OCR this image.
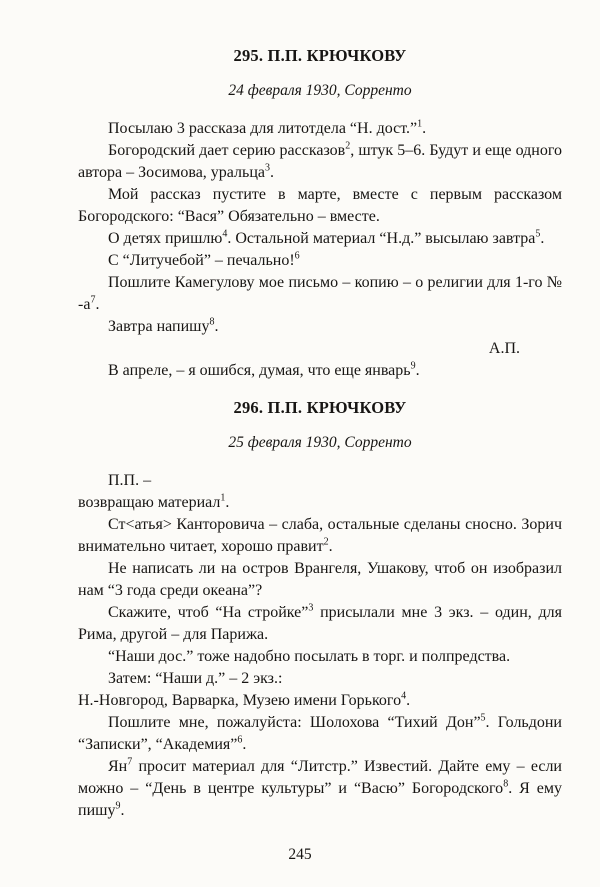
295. П.П. КРЮЧКОВУ
24 февраля 1930, Сорренто

Посылаю 3 рассказа для литотдела “Н. дост.”$^1$.

Богородский дает серию рассказов$^2$, штук 5–6. Будут и еще одного автора – Зосимова, уральца$^3$.

Мой рассказ пустите в марте, вместе с первым рассказом Богородского: “Вася” Обязательно – вместе.

О детях пришлю$^4$. Остальной материал “Н.д.” высылаю завтра$^5$.

С “Литучебой” – печально!$^6$

Пошлите Камегулову мое письмо – копию – о религии для 1-го № $-а^7$.

Завтра напишу$^8$.

А.П.

В апреле, – я ошибся, думая, что еще январь$^9$.

296. П.П. КРЮЧКОВУ
25 февраля 1930, Сорренто

П.П. –

возвращаю материал$^1$.

Ст<атья> Канторовича – слаба, остальные сделаны сносно. Зорич внимательно читает, хорошо правит$^2$.

Не написать ли на остров Врангеля, Ушакову, чтоб он изобразил нам “3 года среди океана”?

Скажите, чтоб “На стройке”$^3$ присылали мне 3 экз. – один, для Рима, другой – для Парижа.

“Наши дос.” тоже надобно посылать в торг. и полпредства.

Затем: “Наши д.” – 2 экз.:

Н.-Новгород, Варварка, Музею имени Горького$^4$.

Пошлите мне, пожалуйста: Шолохова “Тихий Дон”$^5$. Гольдони “Записки”, “Академия”$^6$.

$Ян^7$ просит материал для “Литстр.” Известий. Дайте ему – если можно – “День в центре культуры” и “Васю” Богородского$^8$. Я ему пишу$^9$.

245
